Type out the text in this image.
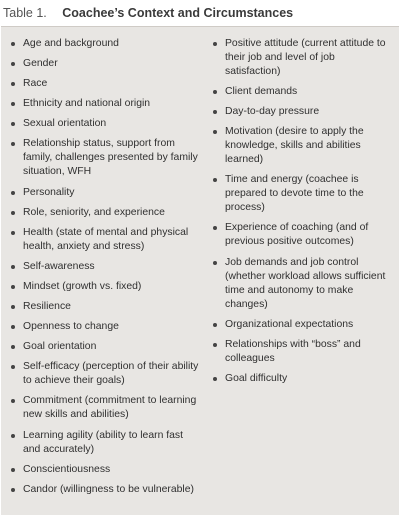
Table 1. Coachee’s Context and Circumstances
Age and background
Gender
Race
Ethnicity and national origin
Sexual orientation
Relationship status, support from family, challenges presented by family situation, WFH
Personality
Role, seniority, and experience
Health (state of mental and physical health, anxiety and stress)
Self-awareness
Mindset (growth vs. fixed)
Resilience
Openness to change
Goal orientation
Self-efficacy (perception of their ability to achieve their goals)
Commitment (commitment to learning new skills and abilities)
Learning agility (ability to learn fast and accurately)
Conscientiousness
Candor (willingness to be vulnerable)
Positive attitude (current attitude to their job and level of job satisfaction)
Client demands
Day-to-day pressure
Motivation (desire to apply the knowledge, skills and abilities learned)
Time and energy (coachee is prepared to devote time to the process)
Experience of coaching (and of previous positive outcomes)
Job demands and job control (whether workload allows sufficient time and autonomy to make changes)
Organizational expectations
Relationships with “boss” and colleagues
Goal difficulty
